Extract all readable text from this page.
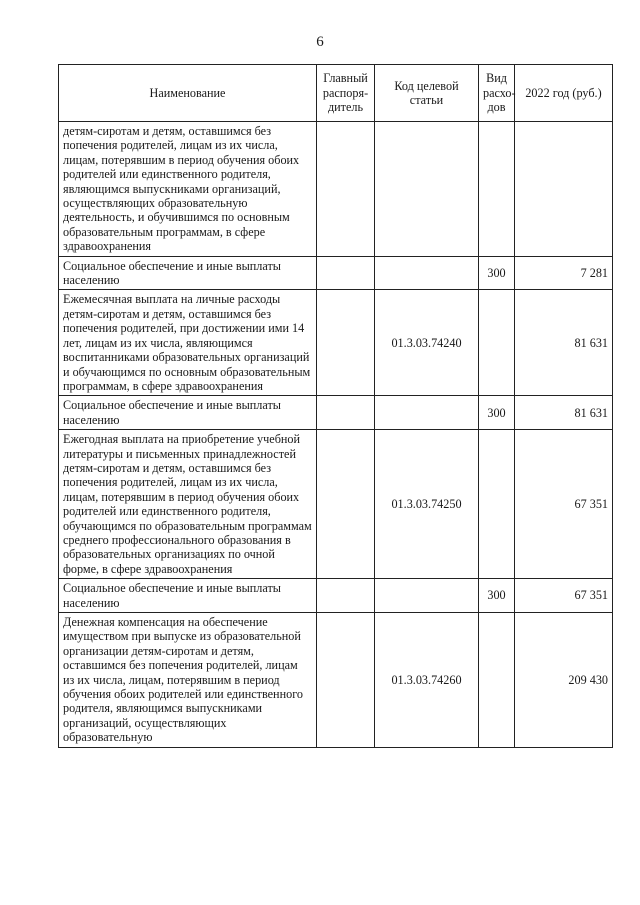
6
Наименование	Главный распоря-дитель	Код целевой статьи	Вид расхо-дов	2022 год (руб.)
детям-сиротам и детям, оставшимся без попечения родителей, лицам из их числа, лицам, потерявшим в период обучения обоих родителей или единственного родителя, являющимся выпускниками организаций, осуществляющих образовательную деятельность, и обучившимся по основным образовательным программам, в сфере здравоохранения				
Социальное обеспечение и иные выплаты населению			300	7 281
Ежемесячная выплата на личные расходы детям-сиротам и детям, оставшимся без попечения родителей, при достижении ими 14 лет, лицам из их числа, являющимся воспитанниками образовательных организаций и обучающимся по основным образовательным программам, в сфере здравоохранения		01.3.03.74240		81 631
Социальное обеспечение и иные выплаты населению			300	81 631
Ежегодная выплата на приобретение учебной литературы и письменных принадлежностей детям-сиротам и детям, оставшимся без попечения родителей, лицам из их числа, лицам, потерявшим в период обучения обоих родителей или единственного родителя, обучающимся по образовательным программам среднего профессионального образования в образовательных организациях по очной форме, в сфере здравоохранения		01.3.03.74250		67 351
Социальное обеспечение и иные выплаты населению			300	67 351
Денежная компенсация на обеспечение имуществом при выпуске из образовательной организации детям-сиротам и детям, оставшимся без попечения родителей, лицам из их числа, лицам, потерявшим в период обучения обоих родителей или единственного родителя, являющимся выпускниками организаций, осуществляющих образовательную		01.3.03.74260		209 430
